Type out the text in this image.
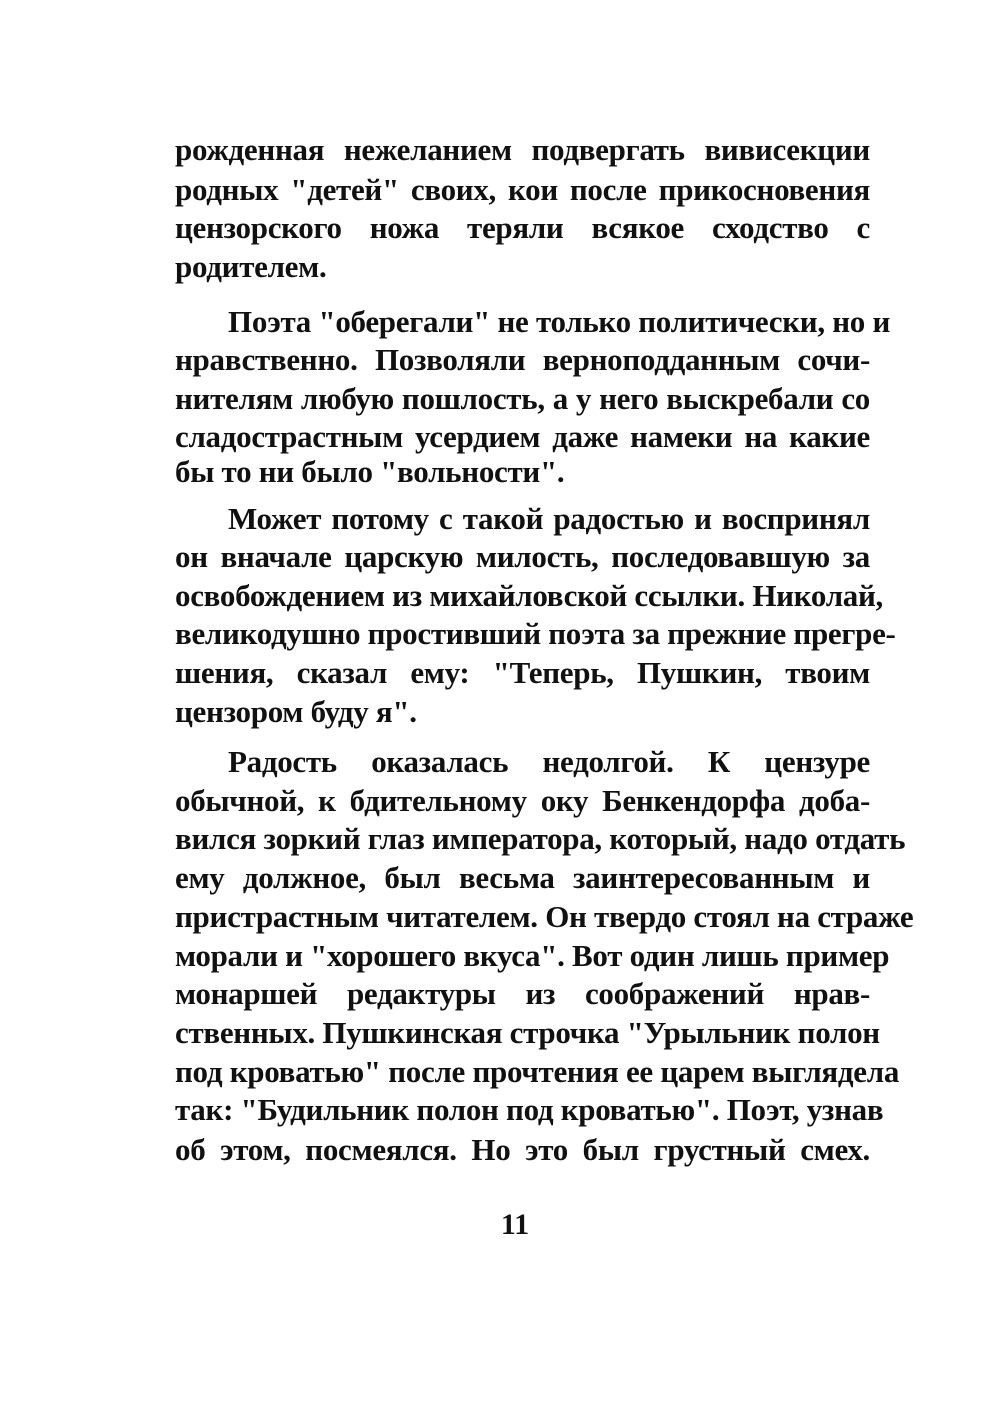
рожденная нежеланием подвергать вивисекции
родных "детей" своих, кои после прикосновения
цензорского ножа теряли всякое сходство с
родителем.
Поэта "оберегали" не только политически, но и
нравственно. Позволяли верноподданным сочи-
нителям любую пошлость, а у него выскребали со
сладострастным усердием даже намеки на какие
бы то ни было "вольности".
Может потому с такой радостью и воспринял
он вначале царскую милость, последовавшую за
освобождением из михайловской ссылки. Николай,
великодушно простивший поэта за прежние прегре-
шения, сказал ему: "Теперь, Пушкин, твоим
цензором буду я".
Радость оказалась недолгой. К цензуре
обычной, к бдительному оку Бенкендорфа доба-
вился зоркий глаз императора, который, надо отдать
ему должное, был весьма заинтересованным и
пристрастным читателем. Он твердо стоял на страже
морали и "хорошего вкуса". Вот один лишь пример
монаршей редактуры из соображений нрав-
ственных. Пушкинская строчка "Урыльник полон
под кроватью" после прочтения ее царем выглядела
так: "Будильник полон под кроватью". Поэт, узнав
об этом, посмеялся. Но это был грустный смех.
11
